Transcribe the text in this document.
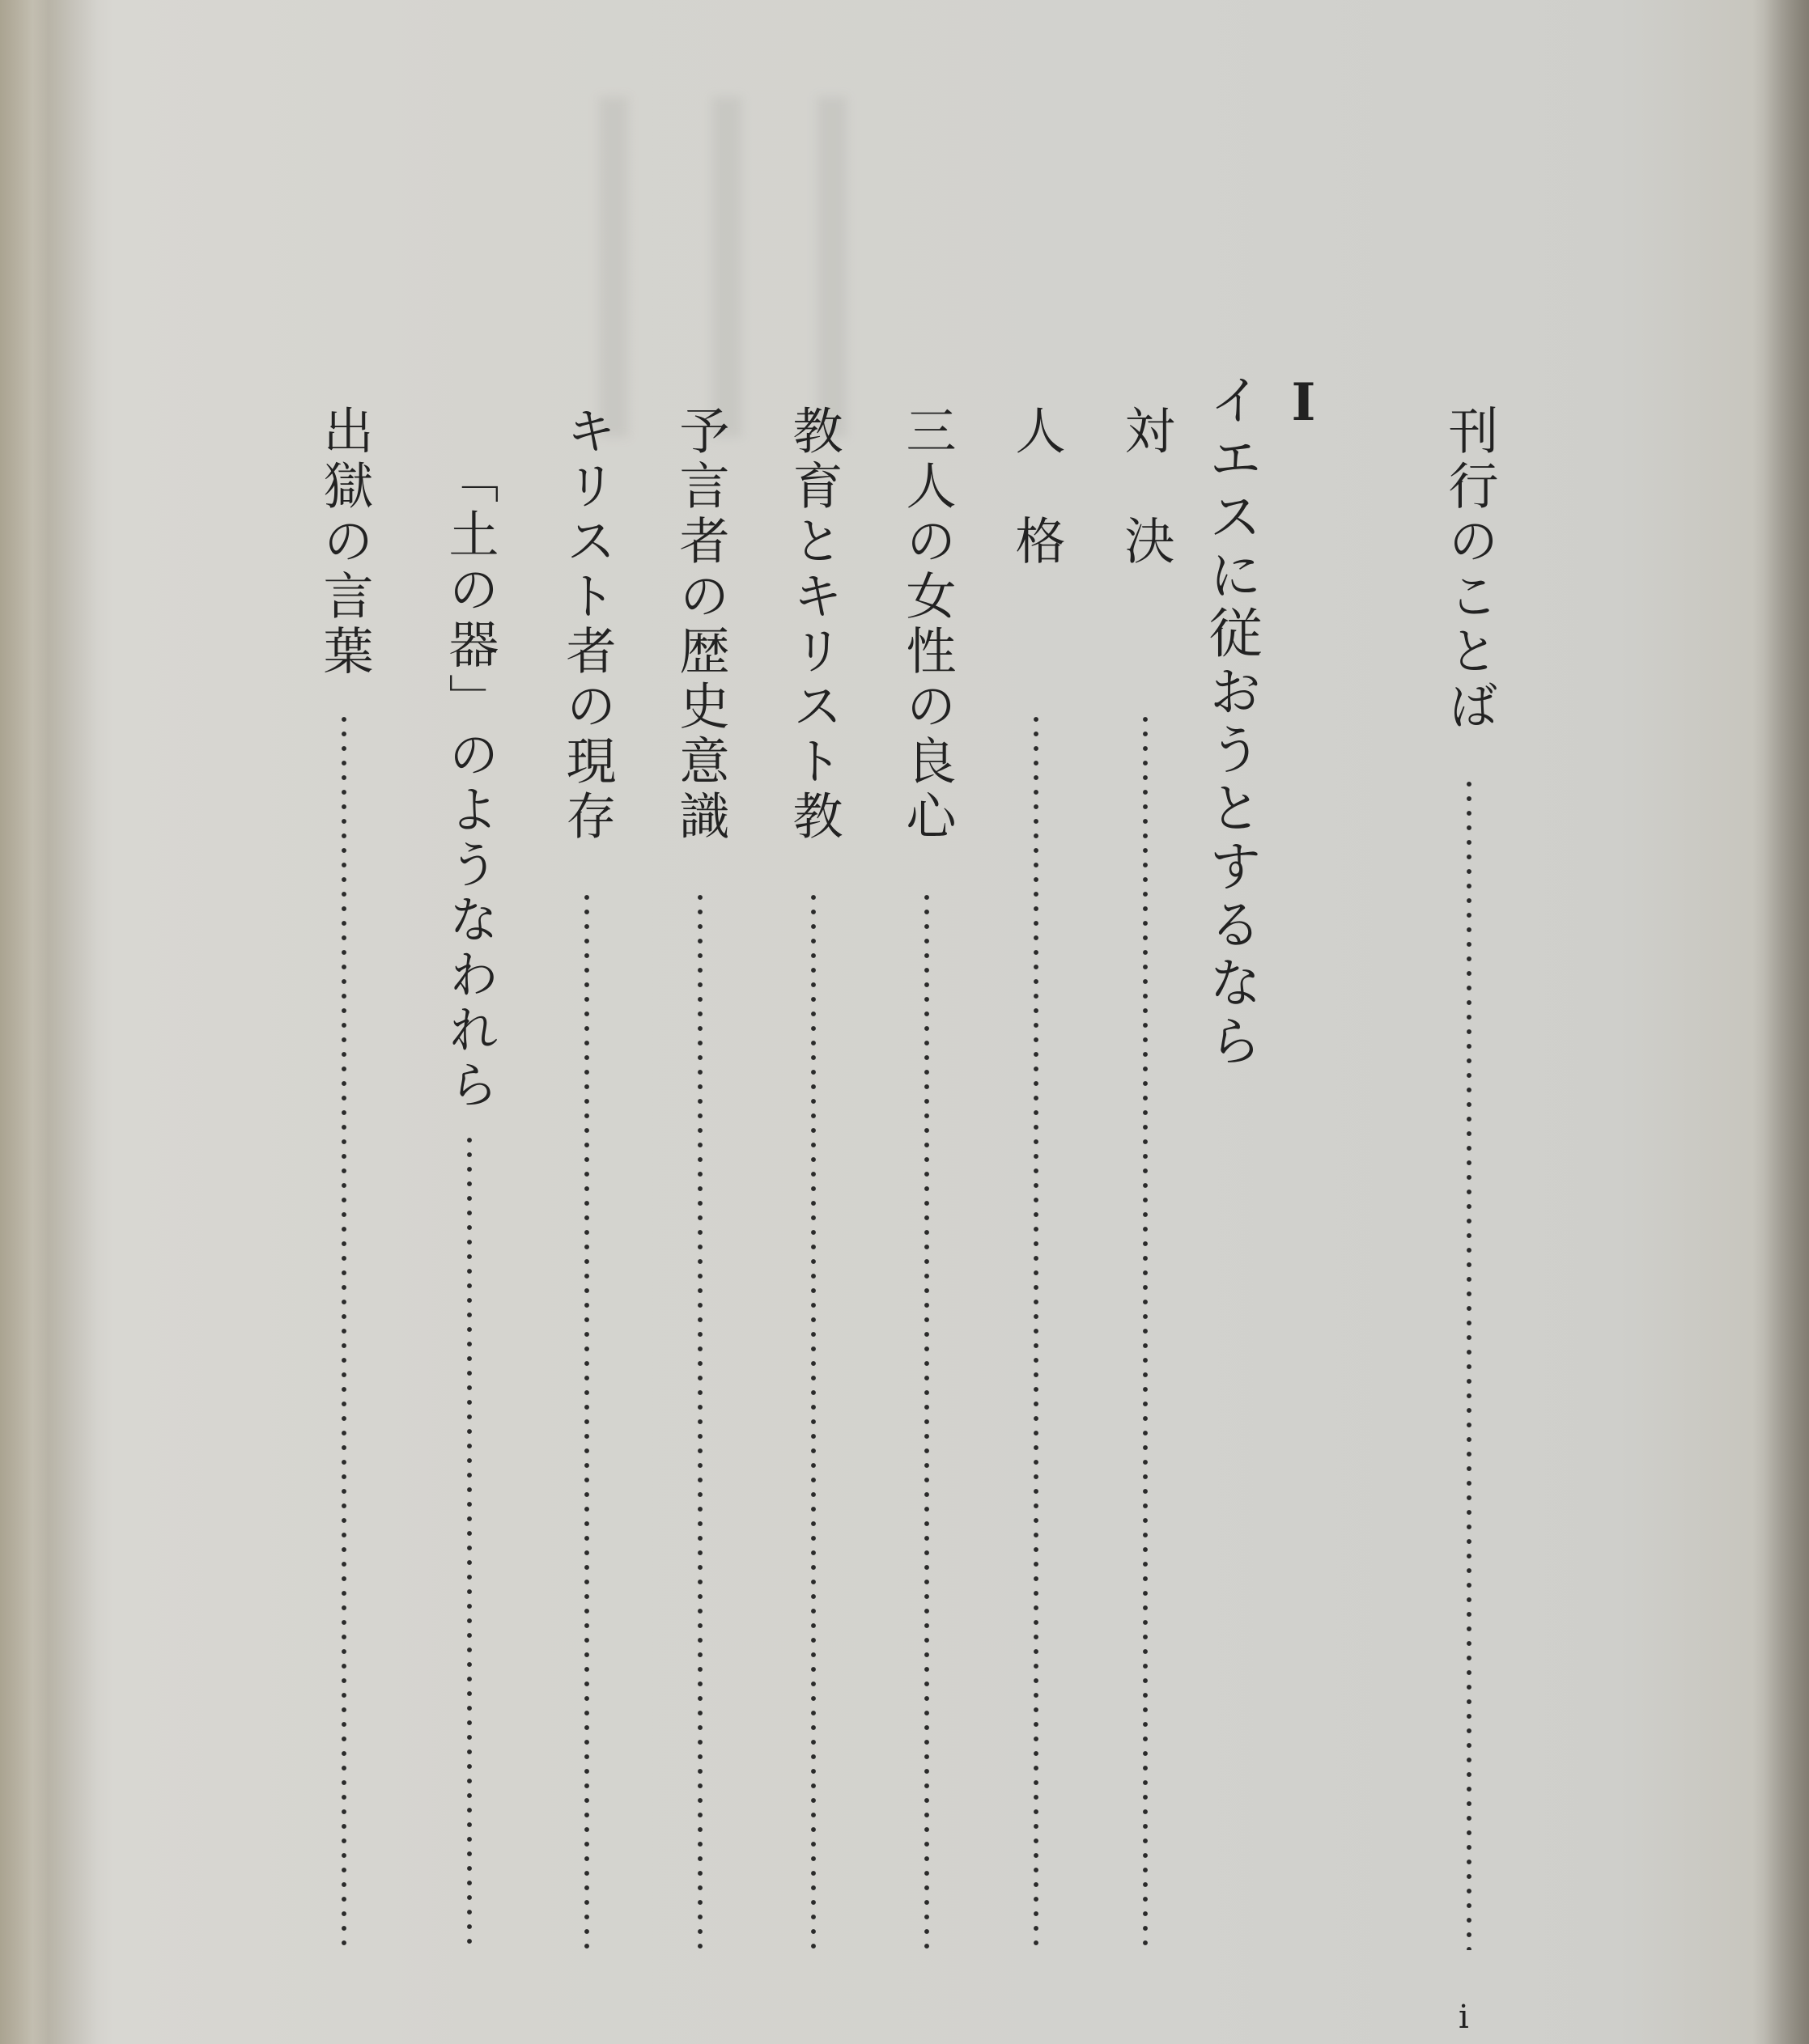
刊行のことば
i
I
イエスに従おうとするなら
対　決
人　格
三人の女性の良心
教育とキリスト教
予言者の歴史意識
キリスト者の現存
「土の器」のようなわれら
出獄の言葉
